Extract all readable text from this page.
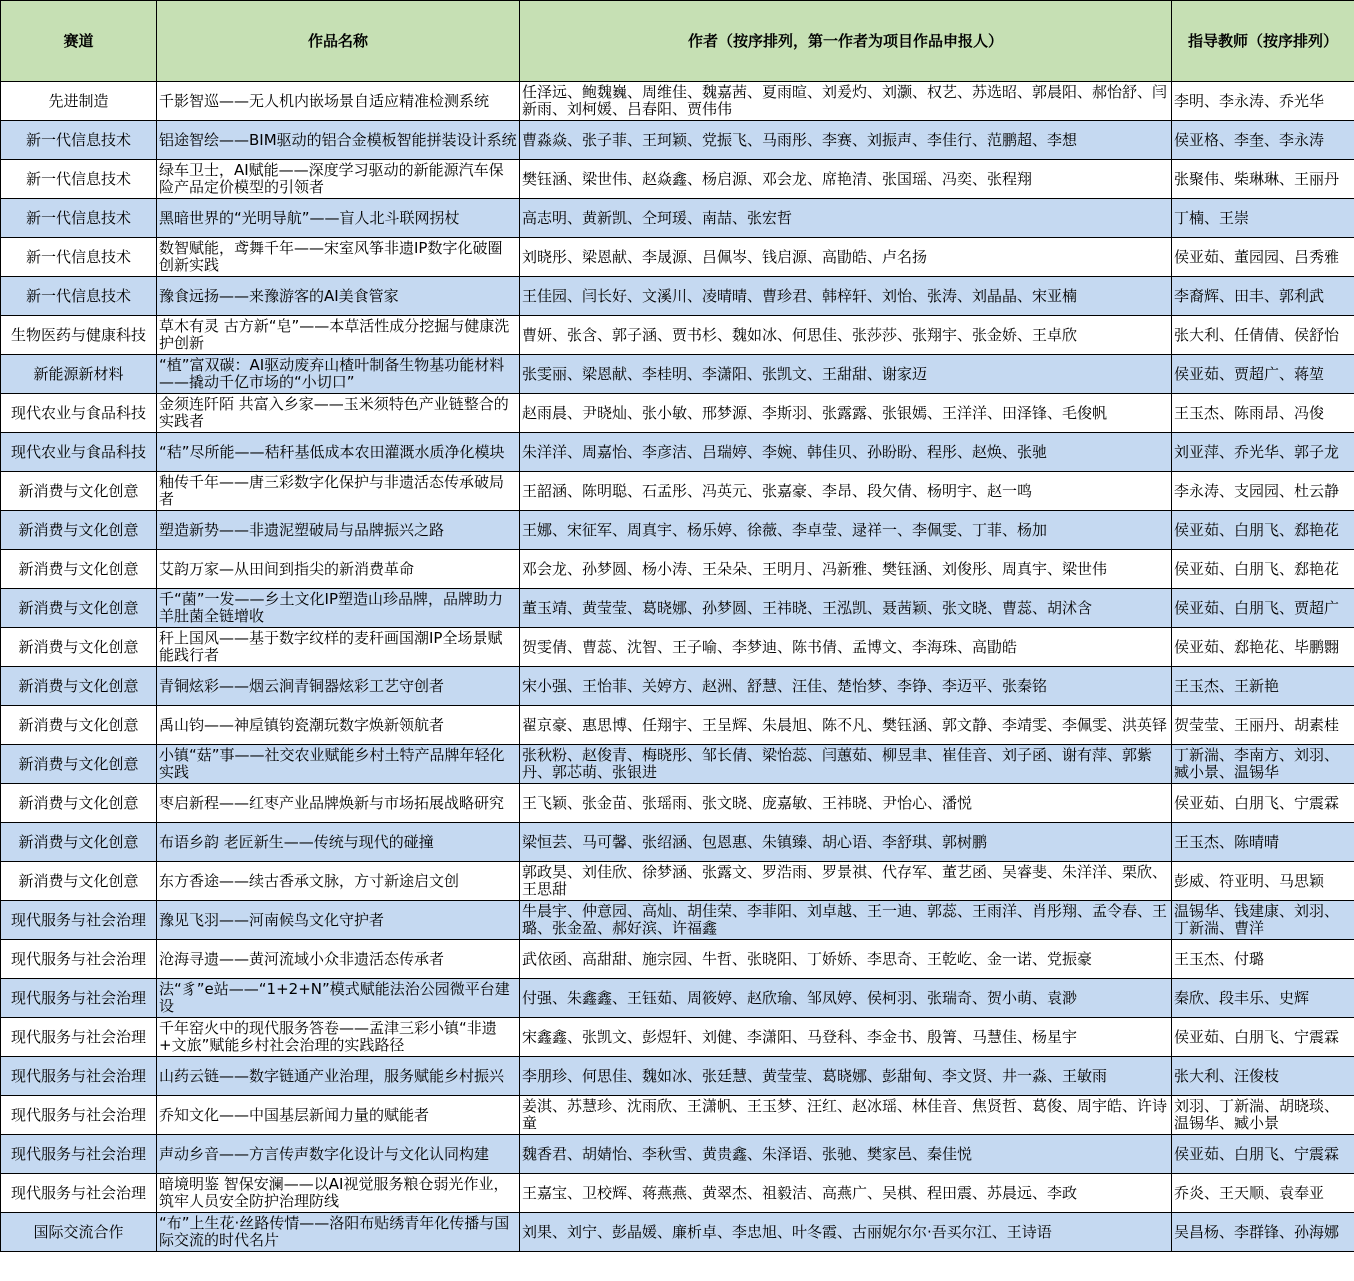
赛道	作品名称	作者（按序排列，第一作者为项目作品申报人）	指导教师（按序排列）
先进制造	千影智巡——无人机内嵌场景自适应精准检测系统	任泽远、鲍魏巍、周维佳、魏嘉茜、夏雨暄、刘爰灼、刘灏、权艺、苏选昭、郭晨阳、郝怡舒、闫新雨、刘柯媛、吕春阳、贾伟伟	李明、李永涛、乔光华
新一代信息技术	铝途智绘——BIM驱动的铝合金模板智能拼装设计系统	曹淼焱、张子菲、王珂颖、党振飞、马雨彤、李赛、刘振声、李佳行、范鹏超、李想	侯亚格、李奎、李永涛
新一代信息技术	绿车卫士，AI赋能——深度学习驱动的新能源汽车保险产品定价模型的引领者	樊钰涵、梁世伟、赵焱鑫、杨启源、邓会龙、席艳清、张国瑶、冯奕、张程翔	张聚伟、柴琳琳、王丽丹
新一代信息技术	黑暗世界的“光明导航”——盲人北斗联网拐杖	高志明、黄新凯、仝珂瑗、南喆、张宏哲	丁楠、王崇
新一代信息技术	数智赋能，鸢舞千年——宋室风筝非遗IP数字化破圈创新实践	刘晓彤、梁恩献、李晟源、吕佩岑、钱启源、高勖皓、卢名扬	侯亚茹、董园园、吕秀雅
新一代信息技术	豫食远扬——来豫游客的AI美食管家	王佳园、闫长好、文溪川、凌晴晴、曹珍君、韩梓轩、刘怡、张涛、刘晶晶、宋亚楠	李裔辉、田丰、郭利武
生物医药与健康科技	草木有灵 古方新“皂”——本草活性成分挖掘与健康洗护创新	曹妍、张含、郭子涵、贾书杉、魏如冰、何思佳、张莎莎、张翔宇、张金娇、王卓欣	张大利、任倩倩、侯舒怡
新能源新材料	“植”富双碳：AI驱动废弃山楂叶制备生物基功能材料——撬动千亿市场的“小切口”	张雯丽、梁恩献、李桂明、李潇阳、张凯文、王甜甜、谢家迈	侯亚茹、贾超广、蒋堃
现代农业与食品科技	金须连阡陌 共富入乡家——玉米须特色产业链整合的实践者	赵雨晨、尹晓灿、张小敏、邢梦源、李斯羽、张露露、张银嫣、王洋洋、田泽锋、毛俊帆	王玉杰、陈雨昂、冯俊
现代农业与食品科技	“秸”尽所能——秸秆基低成本农田灌溉水质净化模块	朱洋洋、周嘉怡、李彦洁、吕瑞婷、李婉、韩佳贝、孙盼盼、程彤、赵焕、张驰	刘亚萍、乔光华、郭子龙
新消费与文化创意	釉传千年——唐三彩数字化保护与非遗活态传承破局者	王韶涵、陈明聪、石孟彤、冯英元、张嘉豪、李昂、段欠倩、杨明宇、赵一鸣	李永涛、支园园、杜云静
新消费与文化创意	塑造新势——非遗泥塑破局与品牌振兴之路	王娜、宋征军、周真宇、杨乐婷、徐薇、李卓莹、逯祥一、李佩雯、丁菲、杨加	侯亚茹、白朋飞、郄艳花
新消费与文化创意	艾韵万家—从田间到指尖的新消费革命	邓会龙、孙梦圆、杨小涛、王朵朵、王明月、冯新雅、樊钰涵、刘俊彤、周真宇、梁世伟	侯亚茹、白朋飞、郄艳花
新消费与文化创意	千“菌”一发——乡土文化IP塑造山珍品牌，品牌助力羊肚菌全链增收	董玉靖、黄莹莹、葛晓娜、孙梦圆、王祎晓、王泓凯、聂茜颖、张文晓、曹蕊、胡沭含	侯亚茹、白朋飞、贾超广
新消费与文化创意	秆上国风——基于数字纹样的麦秆画国潮IP全场景赋能践行者	贺雯倩、曹蕊、沈智、王子喻、李梦迪、陈书倩、孟博文、李海珠、高勖皓	侯亚茹、郄艳花、毕鹏翾
新消费与文化创意	青铜炫彩——烟云涧青铜器炫彩工艺守创者	宋小强、王怡菲、关婷方、赵洲、舒慧、汪佳、楚怡梦、李铮、李迈平、张秦铭	王玉杰、王新艳
新消费与文化创意	禹山钧——神垕镇钧瓷潮玩数字焕新领航者	翟京豪、惠思博、任翔宇、王呈辉、朱晨旭、陈不凡、樊钰涵、郭文静、李靖雯、李佩雯、洪英铎	贺莹莹、王丽丹、胡素桂
新消费与文化创意	小镇“菇”事——社交农业赋能乡村土特产品牌年轻化实践	张秋粉、赵俊青、梅晓彤、邹长倩、梁怡蕊、闫蕙茹、柳昱聿、崔佳音、刘子函、谢有萍、郭紫丹、郭芯萌、张银进	丁新湍、李南方、刘羽、臧小景、温锡华
新消费与文化创意	枣启新程——红枣产业品牌焕新与市场拓展战略研究	王飞颖、张金苗、张瑶雨、张文晓、庞嘉敏、王祎晓、尹怡心、潘悦	侯亚茹、白朋飞、宁震霖
新消费与文化创意	布语乡韵 老匠新生——传统与现代的碰撞	梁恒芸、马可馨、张绍涵、包恩惠、朱镇臻、胡心语、李舒琪、郭树鹏	王玉杰、陈晴晴
新消费与文化创意	东方香途——续古香承文脉，方寸新途启文创	郭政昊、刘佳欣、徐梦涵、张露文、罗浩雨、罗景祺、代存军、董艺函、吴睿斐、朱洋洋、栗欣、王思甜	彭威、符亚明、马思颖
现代服务与社会治理	豫见飞羽——河南候鸟文化守护者	牛晨宇、仲意园、高灿、胡佳荣、李菲阳、刘卓越、王一迪、郭蕊、王雨洋、肖彤翔、孟令春、王璐、张金盈、郝好滨、许福鑫	温锡华、钱建康、刘羽、丁新湍、曹洋
现代服务与社会治理	沧海寻遗——黄河流域小众非遗活态传承者	武依函、高甜甜、施宗园、牛哲、张晓阳、丁娇娇、李思奇、王乾屹、金一诺、党振豪	王玉杰、付璐
现代服务与社会治理	法“豸”e站——“1+2+N”模式赋能法治公园微平台建设	付强、朱鑫鑫、王钰茹、周筱婷、赵欣瑜、邹凤婷、侯柯羽、张瑞奇、贺小萌、袁渺	秦欣、段丰乐、史辉
现代服务与社会治理	千年窑火中的现代服务答卷——孟津三彩小镇“非遗+文旅”赋能乡村社会治理的实践路径	宋鑫鑫、张凯文、彭煜轩、刘健、李潇阳、马登科、李金书、殷箐、马慧佳、杨星宇	侯亚茹、白朋飞、宁震霖
现代服务与社会治理	山药云链——数字链通产业治理，服务赋能乡村振兴	李朋珍、何思佳、魏如冰、张廷慧、黄莹莹、葛晓娜、彭甜甸、李文贤、井一淼、王敏雨	张大利、汪俊枝
现代服务与社会治理	乔知文化——中国基层新闻力量的赋能者	姜淇、苏慧珍、沈雨欣、王潇帆、王玉梦、汪红、赵冰瑶、林佳音、焦贤哲、葛俊、周宇皓、许诗童	刘羽、丁新湍、胡晓琰、温锡华、臧小景
现代服务与社会治理	声动乡音——方言传声数字化设计与文化认同构建	魏香君、胡婧怡、李秋雪、黄贵鑫、朱泽语、张驰、樊家邑、秦佳悦	侯亚茹、白朋飞、宁震霖
现代服务与社会治理	暗境明鉴 智保安澜——以AI视觉服务粮仓弱光作业，筑牢人员安全防护治理防线	王嘉宝、卫校辉、蒋燕燕、黄翠杰、祖毅洁、高燕广、吴棋、程田震、苏晨远、李政	乔炎、王天顺、袁奉亚
国际交流合作	“布”上生花·丝路传情——洛阳布贴绣青年化传播与国际交流的时代名片	刘果、刘宁、彭晶媛、廉析卓、李忠旭、叶冬霞、古丽妮尔尔·吾买尔江、王诗语	吴昌杨、李群锋、孙海娜
